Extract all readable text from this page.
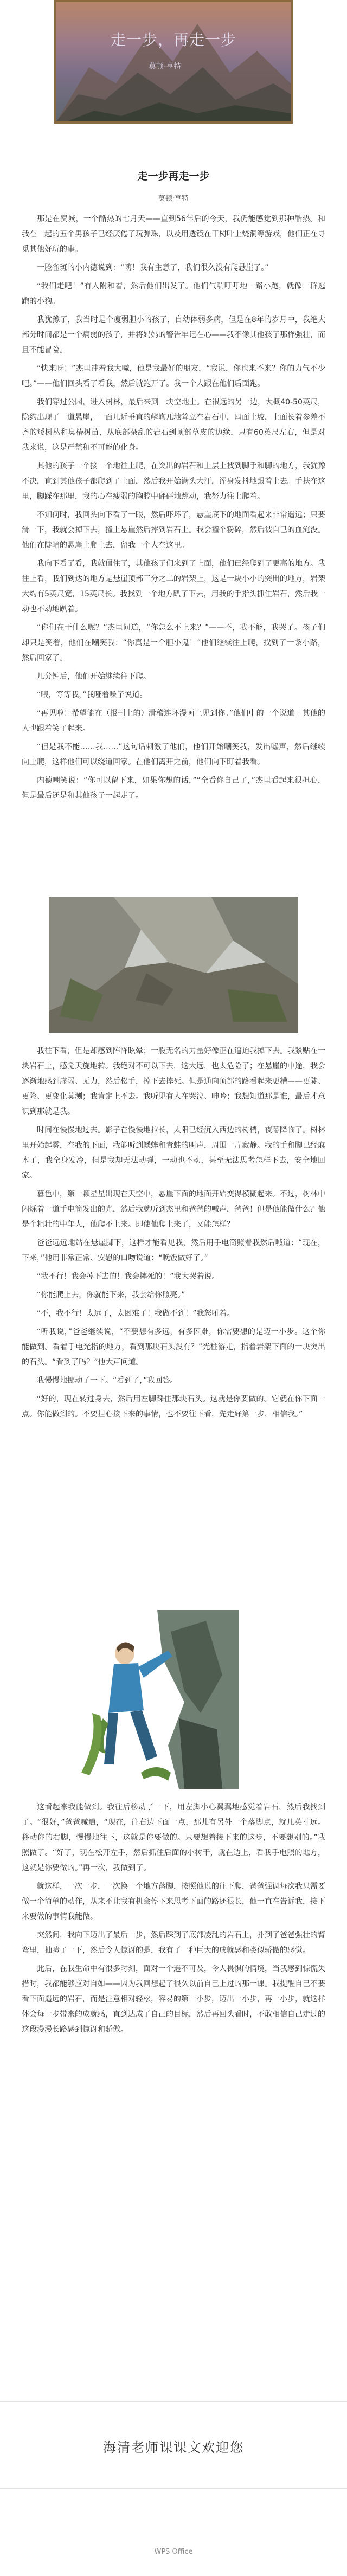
走一步，再走一步
莫顿·亨特
走一步再走一步
莫顿·亨特

那是在费城，一个酷热的七月天——直到56年后的今天，我仍能感觉到那种酷热。和我在一起的五个男孩子已经厌倦了玩弹珠，以及用透镜在干树叶上烧洞等游戏，他们正在寻觅其他好玩的事。

一脸雀斑的小内德说到：“嗨！我有主意了，我们很久没有爬悬崖了。”

“我们走吧！”有人附和着，然后他们出发了。他们气喘吁吁地一路小跑，就像一群逃跑的小狗。

我犹豫了，我当时是个瘦弱胆小的孩子，自幼体弱多病，但是在8年的岁月中，我绝大部分时间都是一个病弱的孩子，并将妈妈的警告牢记在心——我不像其他孩子那样强壮，而且不能冒险。

“快来呀！”杰里冲着我大喊，他是我最好的朋友，“我说，你也来不来？你的力气不少吧。”——他们回头看了看我，然后就跑开了。我一个人跟在他们后面跑。

我们穿过公园，进入树林，最后来到一块空地上。在很远的另一边，大概40-50英尺，隐约出现了一道悬崖，一面几近垂直的嶙峋兀地耸立在岩石中，四面土坡，上面长着参差不齐的矮树丛和臭椿树苗，从底部杂乱的岩石到顶部草皮的边缘，只有60英尺左右，但是对我来说，这是严禁和不可能的化身。

其他的孩子一个接一个地往上爬，在突出的岩石和土层上找到脚手和脚的地方，我犹豫不决，直到其他孩子都爬到了上面，然后我开始满头大汗，浑身发抖地跟着上去。手扶在这里，脚踩在那里，我的心在瘦弱的胸腔中砰砰地跳动，我努力往上爬着。

不知何时，我回头向下看了一眼，然后吓坏了，悬崖底下的地面看起来非常遥远；只要滑一下，我就会掉下去，撞上悬崖然后摔到岩石上。我会撞个粉碎，然后被自己的血淹没。他们在陡峭的悬崖上爬上去，留我一个人在这里。

我向下看了看，我就僵住了，其他孩子们来到了上面，他们已经爬到了更高的地方。我往上看，我们到达的地方是悬崖顶部三分之二的岩架上，这是一块小小的突出的地方，岩架大约有5英尺宽，15英尺长。我找到一个地方趴了下去，用我的手指头抓住岩石，然后我一动也不动地趴着。

“你们在干什么呢？”杰里问道，“你怎么不上来？”——不，我不能，我哭了。孩子们却只是笑着，他们在嘲笑我：“你真是一个胆小鬼！”他们继续往上爬，找到了一条小路，然后回家了。

几分钟后，他们开始继续往下爬。

“喂，等等我，”我哑着嗓子说道。

“再见啦！希望能在（报刊上的）滑稽连环漫画上见到你。”他们中的一个说道。其他的人也跟着笑了起来。

“但是我不能……我……”这句话刺激了他们，他们开始嘲笑我，发出嘘声，然后继续向上爬，这样他们可以绕道回家。在他们离开之前，他们向下盯着我看。

内德嘲笑说：“你可以留下来，如果你想的话，”“全看你自己了，”杰里看起来很担心，但是最后还是和其他孩子一起走了。

我往下看，但是却感到阵阵眩晕；一股无名的力量好像正在逼迫我掉下去。我紧贴在一块岩石上，感觉天旋地转。我绝对不可以下去，这大远，也太危险了；在悬崖的中途，我会逐渐地感到虚弱、无力，然后松手，掉下去摔死。但是通向顶部的路看起来更糟——更陡、更险、更变化莫测；我肯定上不去。我听见有人在哭泣、呻吟；我想知道那是谁，最后才意识到那就是我。

时间在慢慢地过去。影子在慢慢地拉长，太阳已经沉入西边的树梢，夜幕降临了。树林里开始起雾，在我的下面，我能听到蟋蟀和青蛙的叫声，周围一片寂静。我的手和脚已经麻木了，我全身发冷，但是我却无法动弹，一动也不动，甚至无法思考怎样下去，安全地回家。

暮色中，第一颗星星出现在天空中，悬崖下面的地面开始变得模糊起来。不过，树林中闪烁着一道手电筒发出的光，然后我就听到杰里和爸爸的喊声，爸爸！但是他能做什么？他是个粗壮的中年人，他爬不上来。即使他爬上来了，又能怎样？

爸爸远远地站在悬崖脚下，这样才能看见我，然后用手电筒照着我然后喊道：“现在，下来，”他用非常正常、安慰的口吻说道：“晚饭做好了。”

“我不行！我会掉下去的！我会摔死的！”我大哭着说。

“你能爬上去，你就能下来，我会给你照亮。”

“不，我不行！太远了，太困难了！我做不到！”我怒吼着。

“听我说，”爸爸继续说，“不要想有多远，有多困难，你需要想的是迈一小步。这个你能做到。看着手电光指的地方，看到那块石头没有？”光柱游走，指着岩架下面的一块突出的石头。“看到了吗？”他大声问道。

我慢慢地挪动了一下。“看到了，”我回答。

“好的，现在转过身去，然后用左脚踩住那块石头。这就是你要做的。它就在你下面一点。你能做到的。不要担心接下来的事情，也不要往下看，先走好第一步，相信我。”

这看起来我能做到。我往后移动了一下，用左脚小心翼翼地感觉着岩石，然后我找到了。“很好，”爸爸喊道，“现在，往右边下面一点，那儿有另外一个落脚点，就几英寸远。移动你的右脚，慢慢地往下，这就是你要做的。只要想着接下来的这步，不要想别的。”我照做了。“好了，现在松开左手，然后抓住后面的小树干，就在边上，看我手电照的地方，这就是你要做的。”再一次，我做到了。

就这样，一次一步，一次换一个地方落脚，按照他说的往下爬，爸爸强调每次我只需要做一个简单的动作，从来不让我有机会停下来思考下面的路还很长，他一直在告诉我，接下来要做的事情我能做。

突然间，我向下迈出了最后一步，然后踩到了底部凌乱的岩石上，扑到了爸爸强壮的臂弯里，抽噎了一下，然后令人惊讶的是，我有了一种巨大的成就感和类似骄傲的感觉。

此后，在我生命中有很多时刻，面对一个遥不可及，令人畏惧的情境，当我感到惊慌失措时，我都能够应对自如——因为我回想起了很久以前自己上过的那一课。我提醒自己不要看下面遥远的岩石，而是注意相对轻松，容易的第一小步，迈出一小步，再一小步，就这样体会每一步带来的成就感，直到达成了自己的目标，然后再回头看时，不敢相信自己走过的这段漫漫长路感到惊讶和骄傲。

海清老师课课文欢迎您
WPS Office
